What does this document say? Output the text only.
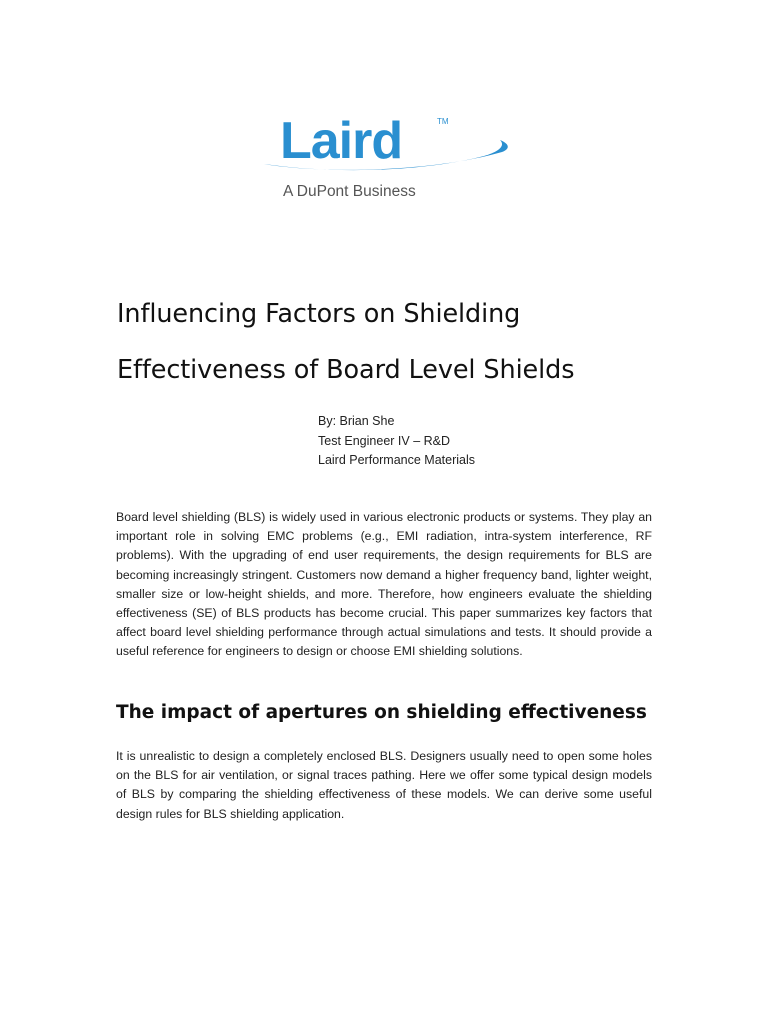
Laird	TM
A DuPont Business
Influencing Factors on Shielding
Effectiveness of Board Level Shields
By: Brian She
Test Engineer IV – R&D
Laird Performance Materials

Board level shielding (BLS) is widely used in various electronic products or systems. They play an important role in solving EMC problems (e.g., EMI radiation, intra-system interference, RF problems). With the upgrading of end user requirements, the design requirements for BLS are becoming increasingly stringent. Customers now demand a higher frequency band, lighter weight, smaller size or low-height shields, and more. Therefore, how engineers evaluate the shielding effectiveness (SE) of BLS products has become crucial. This paper summarizes key factors that affect board level shielding performance through actual simulations and tests. It should provide a useful reference for engineers to design or choose EMI shielding solutions.

The impact of apertures on shielding effectiveness

It is unrealistic to design a completely enclosed BLS. Designers usually need to open some holes on the BLS for air ventilation, or signal traces pathing. Here we offer some typical design models of BLS by comparing the shielding effectiveness of these models. We can derive some useful design rules for BLS shielding application.
